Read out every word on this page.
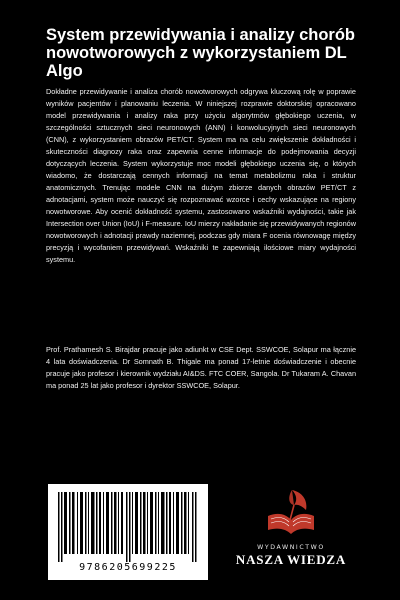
System przewidywania i analizy chorób nowotworowych z wykorzystaniem DL Algo

Dokładne przewidywanie i analiza chorób nowotworowych odgrywa kluczową rolę w poprawie wyników pacjentów i planowaniu leczenia. W niniejszej rozprawie doktorskiej opracowano model przewidywania i analizy raka przy użyciu algorytmów głębokiego uczenia, w szczególności sztucznych sieci neuronowych (ANN) i konwolucyjnych sieci neuronowych (CNN), z wykorzystaniem obrazów PET/CT. System ma na celu zwiększenie dokładności i skuteczności diagnozy raka oraz zapewnia cenne informacje do podejmowania decyzji dotyczących leczenia. System wykorzystuje moc modeli głębokiego uczenia się, o których wiadomo, że dostarczają cennych informacji na temat metabolizmu raka i struktur anatomicznych. Trenując modele CNN na dużym zbiorze danych obrazów PET/CT z adnotacjami, system może nauczyć się rozpoznawać wzorce i cechy wskazujące na regiony nowotworowe. Aby ocenić dokładność systemu, zastosowano wskaźniki wydajności, takie jak Intersection over Union (IoU) i F-measure. IoU mierzy nakładanie się przewidywanych regionów nowotworowych i adnotacji prawdy naziemnej, podczas gdy miara F ocenia równowagę między precyzją i wycofaniem przewidywań. Wskaźniki te zapewniają ilościowe miary wydajności systemu.

Prof. Prathamesh S. Birajdar pracuje jako adiunkt w CSE Dept. SSWCOE, Solapur ma łącznie 4 lata doświadczenia. Dr Somnath B. Thigale ma ponad 17-letnie doświadczenie i obecnie pracuje jako profesor i kierownik wydziału AI&DS. FTC COER, Sangola. Dr Tukaram A. Chavan ma ponad 25 lat jako profesor i dyrektor SSWCOE, Solapur.

9786205699225
WYDAWNICTWO
NASZA WIEDZA
